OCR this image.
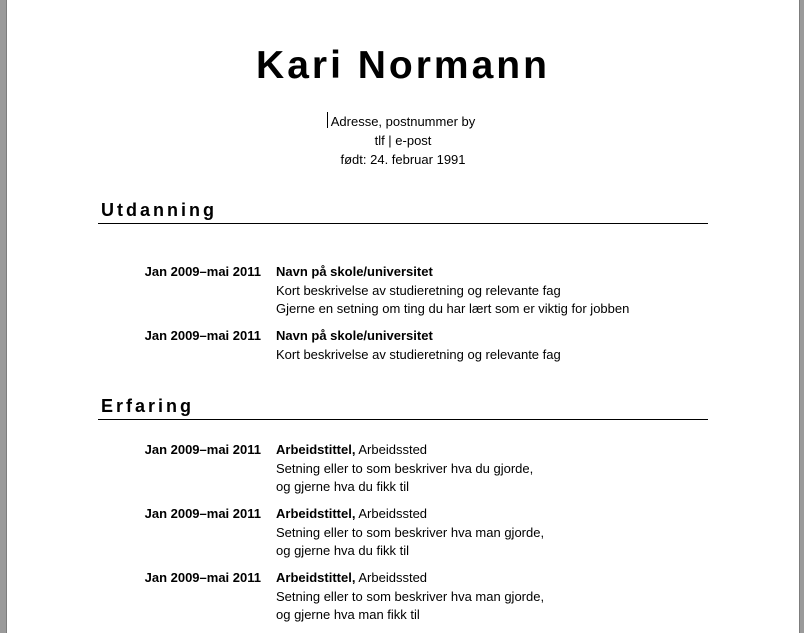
Kari Normann
Adresse, postnummer by
tlf | e-post
født: 24. februar 1991
Utdanning
Jan 2009–mai 2011 Navn på skole/universitet
Kort beskrivelse av studieretning og relevante fag
Gjerne en setning om ting du har lært som er viktig for jobben
Jan 2009–mai 2011 Navn på skole/universitet
Kort beskrivelse av studieretning og relevante fag
Erfaring
Jan 2009–mai 2011 Arbeidstittel, Arbeidssted
Setning eller to som beskriver hva du gjorde,
og gjerne hva du fikk til
Jan 2009–mai 2011 Arbeidstittel, Arbeidssted
Setning eller to som beskriver hva man gjorde,
og gjerne hva du fikk til
Jan 2009–mai 2011 Arbeidstittel, Arbeidssted
Setning eller to som beskriver hva man gjorde,
og gjerne hva man fikk til
